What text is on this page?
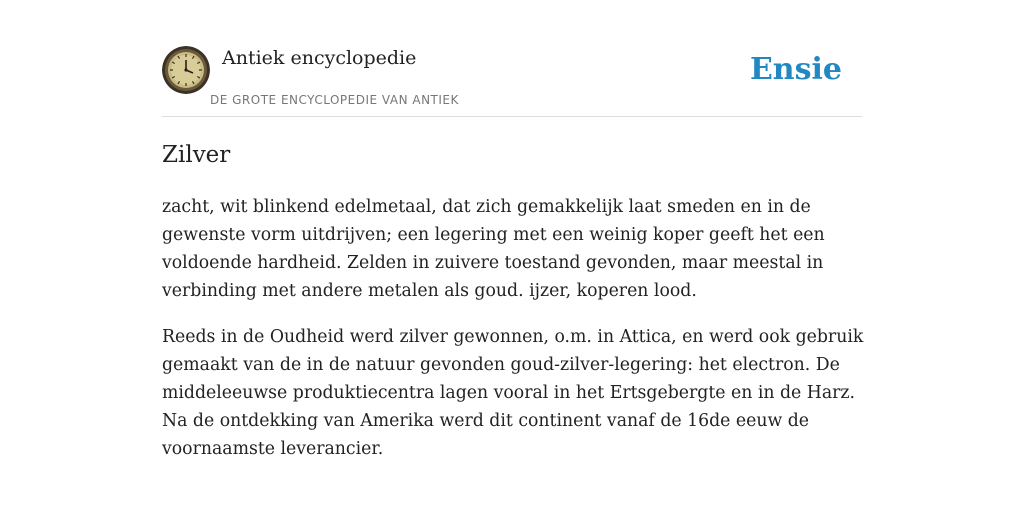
Antiek encyclopedie
DE GROTE ENCYCLOPEDIE VAN ANTIEK
Ensie
Zilver

zacht, wit blinkend edelmetaal, dat zich gemakkelijk laat smeden en in de gewenste vorm uitdrijven; een legering met een weinig koper geeft het een voldoende hardheid. Zelden in zuivere toestand gevonden, maar meestal in verbinding met andere metalen als goud. ijzer, koperen lood.

Reeds in de Oudheid werd zilver gewonnen, o.m. in Attica, en werd ook gebruik gemaakt van de in de natuur gevonden goud-zilver-legering: het electron. De middeleeuwse produktiecentra lagen vooral in het Ertsgebergte en in de Harz. Na de ontdekking van Amerika werd dit continent vanaf de 16de eeuw de voornaamste leverancier.
